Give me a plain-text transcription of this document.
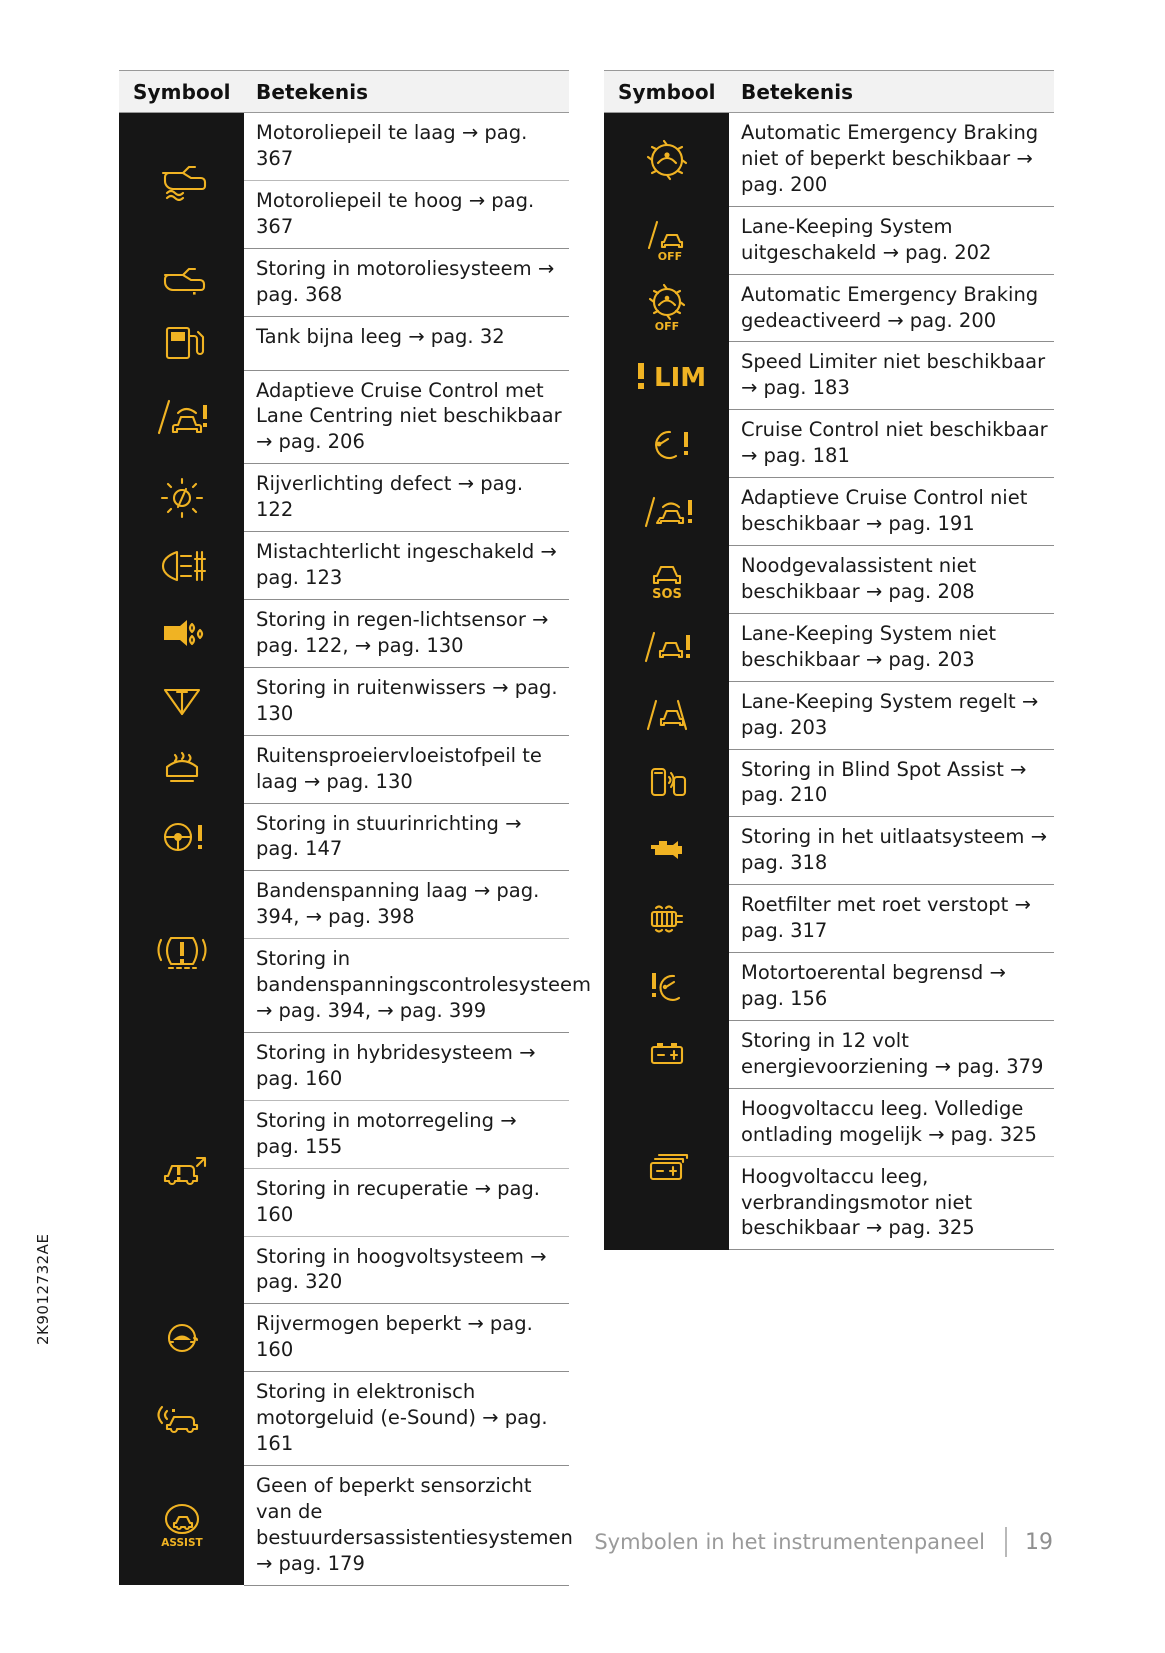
2K9012732AE
Symbool	Betekenis

	Motoroliepeil te laag → pag. 367
	Motoroliepeil te hoog → pag. 367

	Storing in motoroliesysteem → pag. 368

	Tank bijna leeg → pag. 32

	Adaptieve Cruise Control met Lane Centring niet beschikbaar → pag. 206

	Rijverlichting defect → pag. 122

	Mistachterlicht ingeschakeld → pag. 123

	Storing in regen-lichtsensor → pag. 122, → pag. 130

	Storing in ruitenwissers → pag. 130

	Ruitensproeiervloeistofpeil te laag → pag. 130

	Storing in stuurinrichting → pag. 147

	Bandenspanning laag → pag. 394, → pag. 398
	Storing in bandenspanningscontrolesysteem → pag. 394, → pag. 399

	Storing in hybridesysteem → pag. 160
	Storing in motorregeling → pag. 155
	Storing in recuperatie → pag. 160
	Storing in hoogvoltsysteem → pag. 320

	Rijvermogen beperkt → pag. 160

	Storing in elektronisch motorgeluid (e-Sound) → pag. 161

ASSIST	Geen of beperkt sensorzicht van de bestuurdersassistentiesystemen → pag. 179
Symbool	Betekenis

	Automatic Emergency Braking niet of beperkt beschikbaar → pag. 200

OFF	Lane-Keeping System uitgeschakeld → pag. 202

OFF	Automatic Emergency Braking gedeactiveerd → pag. 200

LIM	Speed Limiter niet beschikbaar → pag. 183

	Cruise Control niet beschikbaar → pag. 181

	Adaptieve Cruise Control niet beschikbaar → pag. 191

SOS	Noodgevalassistent niet beschikbaar → pag. 208

	Lane-Keeping System niet beschikbaar → pag. 203

	Lane-Keeping System regelt → pag. 203

	Storing in Blind Spot Assist → pag. 210

	Storing in het uitlaatsysteem → pag. 318

	Roetfilter met roet verstopt → pag. 317

	Motortoerental begrensd → pag. 156

	Storing in 12 volt energievoorziening → pag. 379

	Hoogvoltaccu leeg. Volledige ontlading mogelijk → pag. 325
	Hoogvoltaccu leeg, verbrandingsmotor niet beschikbaar → pag. 325
Symbolen in het instrumentenpaneel 19
